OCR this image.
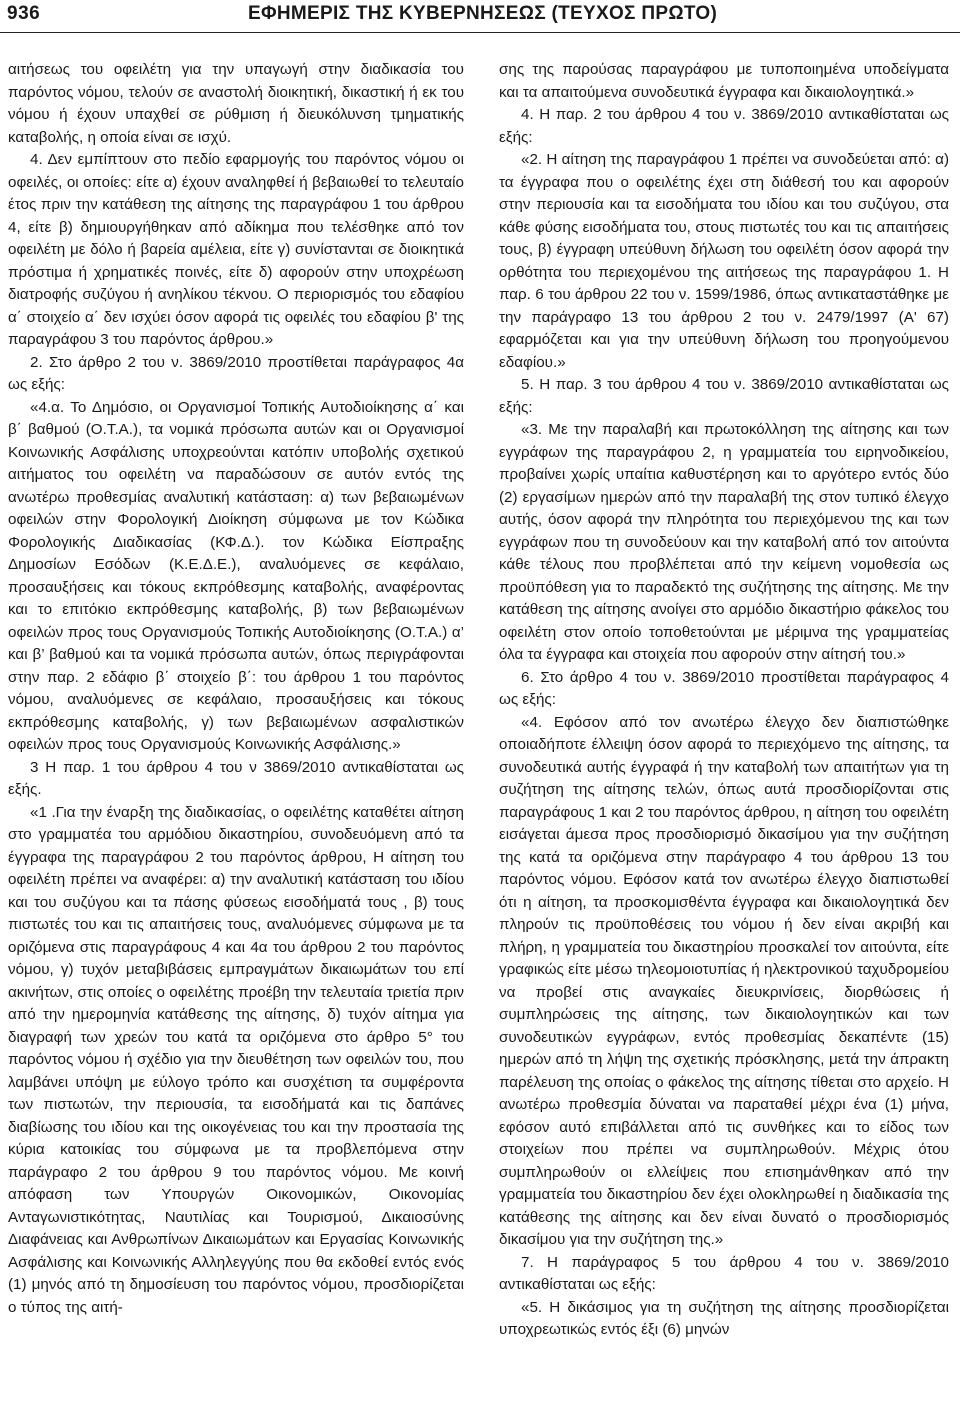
936	ΕΦΗΜΕΡΙΣ ΤΗΣ ΚΥΒΕΡΝΗΣΕΩΣ (ΤΕΥΧΟΣ ΠΡΩΤΟ)

αιτήσεως του οφειλέτη για την υπαγωγή στην διαδικασία του παρόντος νόμου, τελούν σε αναστολή διοικητική, δικαστική ή εκ του νόμου ή έχουν υπαχθεί σε ρύθμιση ή διευκόλυνση τμηματικής καταβολής, η οποία είναι σε ισχύ.

4. Δεν εμπίπτουν στο πεδίο εφαρμογής του παρόντος νόμου οι οφειλές, οι οποίες: είτε α) έχουν αναληφθεί ή βεβαιωθεί το τελευταίο έτος πριν την κατάθεση της αίτησης της παραγράφου 1 του άρθρου 4, είτε β) δημιουργήθηκαν από αδίκημα που τελέσθηκε από τον οφειλέτη με δόλο ή βαρεία αμέλεια, είτε γ) συνίστανται σε διοικητικά πρόστιμα ή χρηματικές ποινές, είτε δ) αφορούν στην υποχρέωση διατροφής συζύγου ή ανηλίκου τέκνου. Ο περιορισμός του εδαφίου α΄ στοιχείο α΄ δεν ισχύει όσον αφορά τις οφειλές του εδαφίου β' της παραγράφου 3 του παρόντος άρθρου.»

2. Στο άρθρο 2 του ν. 3869/2010 προστίθεται παράγραφος 4α ως εξής:

«4.α. Το Δημόσιο, οι Οργανισμοί Τοπικής Αυτοδιοίκησης α΄ και β΄ βαθμού (Ο.Τ.Α.), τα νομικά πρόσωπα αυτών και οι Οργανισμοί Κοινωνικής Ασφάλισης υποχρεούνται κατόπιν υποβολής σχετικού αιτήματος του οφειλέτη να παραδώσουν σε αυτόν εντός της ανωτέρω προθεσμίας αναλυτική κατάσταση: α) των βεβαιωμένων οφειλών στην Φορολογική Διοίκηση σύμφωνα με τον Κώδικα Φορολογικής Διαδικασίας (ΚΦ.Δ.). τον Κώδικα Είσπραξης Δημοσίων Εσόδων (Κ.Ε.Δ.Ε.), αναλυόμενες σε κεφάλαιο, προσαυξήσεις και τόκους εκπρόθεσμης καταβολής, αναφέροντας και το επιτόκιο εκπρόθεσμης καταβολής, β) των βεβαιωμένων οφειλών προς τους Οργανισμούς Τοπικής Αυτοδιοίκησης (Ο.Τ.Α.) α’ και β’ βαθμού και τα νομικά πρόσωπα αυτών, όπως περιγράφονται στην παρ. 2 εδάφιο β΄ στοιχείο β΄: του άρθρου 1 του παρόντος νόμου, αναλυόμενες σε κεφάλαιο, προσαυξήσεις και τόκους εκπρόθεσμης καταβολής, γ) των βεβαιωμένων ασφαλιστικών οφειλών προς τους Οργανισμούς Κοινωνικής Ασφάλισης.»

3 Η παρ. 1 του άρθρου 4 του ν 3869/2010 αντικαθίσταται ως εξής.

«1 .Για την έναρξη της διαδικασίας, ο οφειλέτης καταθέτει αίτηση στο γραμματέα του αρμόδιου δικαστηρίου, συνοδευόμενη από τα έγγραφα της παραγράφου 2 του παρόντος άρθρου, Η αίτηση του οφειλέτη πρέπει να αναφέρει: α) την αναλυτική κατάσταση του ιδίου και του συζύγου και τα πάσης φύσεως εισοδήματά τους , β) τους πιστωτές του και τις απαιτήσεις τους, αναλυόμενες σύμφωνα με τα οριζόμενα στις παραγράφους 4 και 4α του άρθρου 2 του παρόντος νόμου, γ) τυχόν μεταβιβάσεις εμπραγμάτων δικαιωμάτων του επί ακινήτων, στις οποίες ο οφειλέτης προέβη την τελευταία τριετία πριν από την ημερομηνία κατάθεσης της αίτησης, δ) τυχόν αίτημα για διαγραφή των χρεών του κατά τα οριζόμενα στο άρθρο 5° του παρόντος νόμου ή σχέδιο για την διευθέτηση των οφειλών του, που λαμβάνει υπόψη με εύλογο τρόπο και συσχέτιση τα συμφέροντα των πιστωτών, την περιουσία, τα εισοδήματά και τις δαπάνες διαβίωσης του ιδίου και της οικογένειας του και την προστασία της κύρια κατοικίας του σύμφωνα με τα προβλεπόμενα στην παράγραφο 2 του άρθρου 9 του παρόντος νόμου. Με κοινή απόφαση των Υπουργών Οικονομικών, Οικονομίας Ανταγωνιστικότητας, Ναυτιλίας και Τουρισμού, Δικαιοσύνης Διαφάνειας και Ανθρωπίνων Δικαιωμάτων και Εργασίας Κοινωνικής Ασφάλισης και Κοινωνικής Αλληλεγγύης που θα εκδοθεί εντός ενός (1) μηνός από τη δημοσίευση του παρόντος νόμου, προσδιορίζεται ο τύπος της αιτή-

σης της παρούσας παραγράφου με τυποποιημένα υποδείγματα και τα απαιτούμενα συνοδευτικά έγγραφα και δικαιολογητικά.»

4. Η παρ. 2 του άρθρου 4 του ν. 3869/2010 αντικαθίσταται ως εξής:

«2. Η αίτηση της παραγράφου 1 πρέπει να συνοδεύεται από: α) τα έγγραφα που ο οφειλέτης έχει στη διάθεσή του και αφορούν στην περιουσία και τα εισοδήματα του ιδίου και του συζύγου, στα κάθε φύσης εισοδήματα του, στους πιστωτές του και τις απαιτήσεις τους, β) έγγραφη υπεύθυνη δήλωση του οφειλέτη όσον αφορά την ορθότητα του περιεχομένου της αιτήσεως της παραγράφου 1. Η παρ. 6 του άρθρου 22 του ν. 1599/1986, όπως αντικαταστάθηκε με την παράγραφο 13 του άρθρου 2 του ν. 2479/1997 (Α' 67) εφαρμόζεται και για την υπεύθυνη δήλωση του προηγούμενου εδαφίου.»

5. Η παρ. 3 του άρθρου 4 του ν. 3869/2010 αντικαθίσταται ως εξής:

«3. Με την παραλαβή και πρωτοκόλληση της αίτησης και των εγγράφων της παραγράφου 2, η γραμματεία του ειρηνοδικείου, προβαίνει χωρίς υπαίτια καθυστέρηση και το αργότερο εντός δύο (2) εργασίμων ημερών από την παραλαβή της στον τυπικό έλεγχο αυτής, όσον αφορά την πληρότητα του περιεχόμενου της και των εγγράφων που τη συνοδεύουν και την καταβολή από τον αιτούντα κάθε τέλους που προβλέπεται από την κείμενη νομοθεσία ως προϋπόθεση για το παραδεκτό της συζήτησης της αίτησης. Με την κατάθεση της αίτησης ανοίγει στο αρμόδιο δικαστήριο φάκελος του οφειλέτη στον οποίο τοποθετούνται με μέριμνα της γραμματείας όλα τα έγγραφα και στοιχεία που αφορούν στην αίτησή του.»

6. Στο άρθρο 4 του ν. 3869/2010 προστίθεται παράγραφος 4 ως εξής:

«4. Εφόσον από τον ανωτέρω έλεγχο δεν διαπιστώθηκε οποιαδήποτε έλλειψη όσον αφορά το περιεχόμενο της αίτησης, τα συνοδευτικά αυτής έγγραφά ή την καταβολή των απαιτήτων για τη συζήτηση της αίτησης τελών, όπως αυτά προσδιορίζονται στις παραγράφους 1 και 2 του παρόντος άρθρου, η αίτηση του οφειλέτη εισάγεται άμεσα προς προσδιορισμό δικασίμου για την συζήτηση της κατά τα οριζόμενα στην παράγραφο 4 του άρθρου 13 του παρόντος νόμου. Εφόσον κατά τον ανωτέρω έλεγχο διαπιστωθεί ότι η αίτηση, τα προσκομισθέντα έγγραφα και δικαιολογητικά δεν πληρούν τις προϋποθέσεις του νόμου ή δεν είναι ακριβή και πλήρη, η γραμματεία του δικαστηρίου προσκαλεί τον αιτούντα, είτε γραφικώς είτε μέσω τηλεομοιοτυπίας ή ηλεκτρονικού ταχυδρομείου να προβεί στις αναγκαίες διευκρινίσεις, διορθώσεις ή συμπληρώσεις της αίτησης, των δικαιολογητικών και των συνοδευτικών εγγράφων, εντός προθεσμίας δεκαπέντε (15) ημερών από τη λήψη της σχετικής πρόσκλησης, μετά την άπρακτη παρέλευση της οποίας ο φάκελος της αίτησης τίθεται στο αρχείο. Η ανωτέρω προθεσμία δύναται να παραταθεί μέχρι ένα (1) μήνα, εφόσον αυτό επιβάλλεται από τις συνθήκες και το είδος των στοιχείων που πρέπει να συμπληρωθούν. Μέχρις ότου συμπληρωθούν οι ελλείψεις που επισημάνθηκαν από την γραμματεία του δικαστηρίου δεν έχει ολοκληρωθεί η διαδικασία της κατάθεσης της αίτησης και δεν είναι δυνατό ο προσδιορισμός δικασίμου για την συζήτηση της.»

7. Η παράγραφος 5 του άρθρου 4 του ν. 3869/2010 αντικαθίσταται ως εξής:

«5. Η δικάσιμος για τη συζήτηση της αίτησης προσδιορίζεται υποχρεωτικώς εντός έξι (6) μηνών
